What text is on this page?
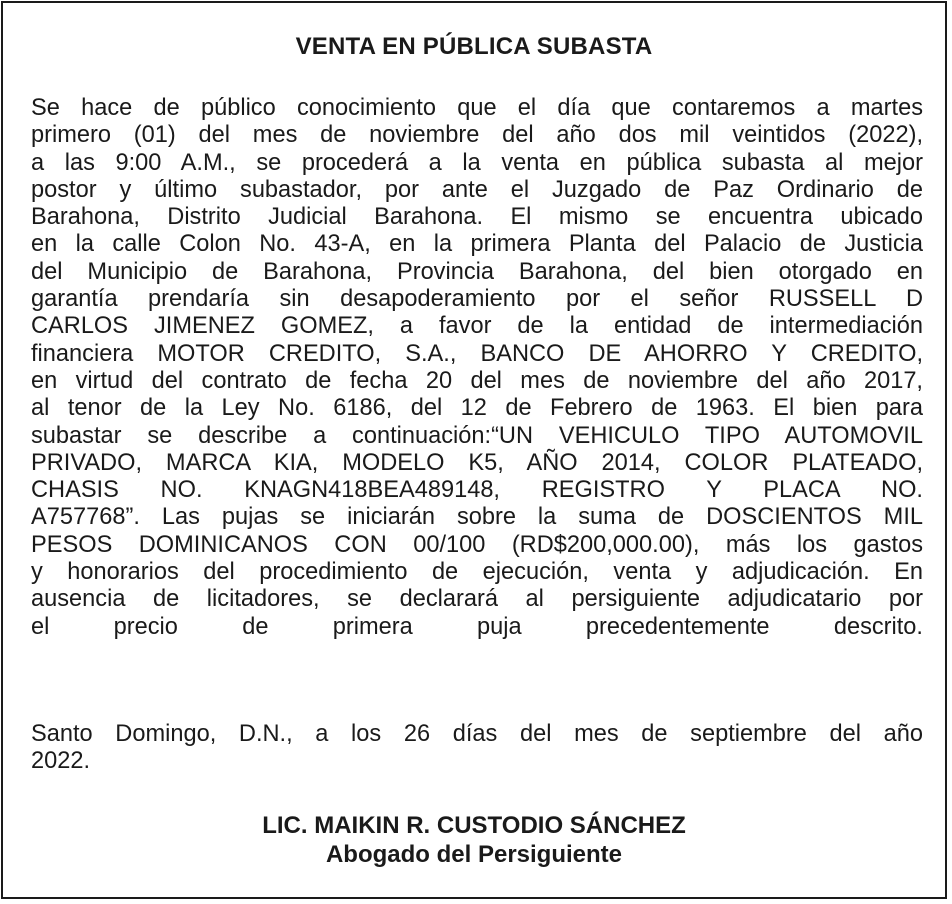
VENTA EN PÚBLICA SUBASTA
Se hace de público conocimiento que el día que contaremos a martes
primero (01) del mes de noviembre del año dos mil veintidos (2022),
a las 9:00 A.M., se procederá a la venta en pública subasta al mejor
postor y último subastador, por ante el Juzgado de Paz Ordinario de
Barahona, Distrito Judicial Barahona. El mismo se encuentra ubicado
en la calle Colon No. 43-A, en la primera Planta del Palacio de Justicia
del Municipio de Barahona, Provincia Barahona, del bien otorgado en
garantía prendaría sin desapoderamiento por el señor RUSSELL D
CARLOS JIMENEZ GOMEZ, a favor de la entidad de intermediación
financiera MOTOR CREDITO, S.A., BANCO DE AHORRO Y CREDITO,
en virtud del contrato de fecha 20 del mes de noviembre del año 2017,
al tenor de la Ley No. 6186, del 12 de Febrero de 1963. El bien para
subastar se describe a continuación:“UN VEHICULO TIPO AUTOMOVIL
PRIVADO, MARCA KIA, MODELO K5, AÑO 2014, COLOR PLATEADO,
CHASIS NO. KNAGN418BEA489148, REGISTRO Y PLACA NO.
A757768”. Las pujas se iniciarán sobre la suma de DOSCIENTOS MIL
PESOS DOMINICANOS CON 00/100 (RD$200,000.00), más los gastos
y honorarios del procedimiento de ejecución, venta y adjudicación. En
ausencia de licitadores, se declarará al persiguiente adjudicatario por
el precio de primera puja precedentemente descrito.
Santo Domingo, D.N., a los 26 días del mes de septiembre del año
2022.
LIC. MAIKIN R. CUSTODIO SÁNCHEZ
Abogado del Persiguiente
